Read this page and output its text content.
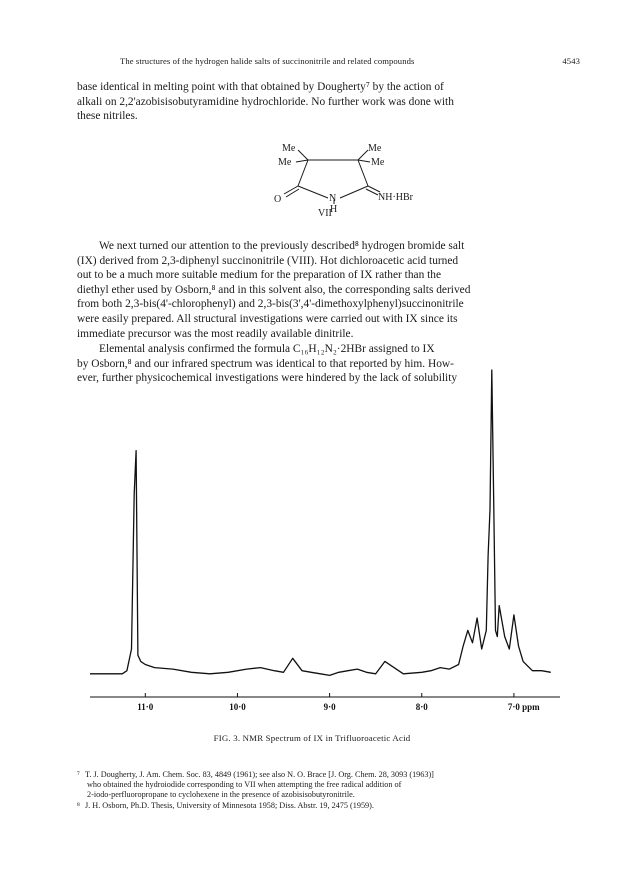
The structures of the hydrogen halide salts of succinonitrile and related compounds	4543
base identical in melting point with that obtained by Dougherty⁷ by the action of
alkali on 2,2'azobisisobutyramidine hydrochloride. No further work was done with
these nitriles.
Me
Me
Me
Me
O	N
H
NH·HBr
VII
We next turned our attention to the previously described⁸ hydrogen bromide salt
(IX) derived from 2,3-diphenyl succinonitrile (VIII). Hot dichloroacetic acid turned
out to be a much more suitable medium for the preparation of IX rather than the
diethyl ether used by Osborn,⁸ and in this solvent also, the corresponding salts derived
from both 2,3-bis(4'-chlorophenyl) and 2,3-bis(3',4'-dimethoxylphenyl)succinonitrile
were easily prepared. All structural investigations were carried out with IX since its
immediate precursor was the most readily available dinitrile.
Elemental analysis confirmed the formula C₁₆H₁₂N₂·2HBr assigned to IX
by Osborn,⁸ and our infrared spectrum was identical to that reported by him. How-
ever, further physicochemical investigations were hindered by the lack of solubility
11·0	10·0	9·0	8·0	7·0 ppm
FIG. 3. NMR Spectrum of IX in Trifluoroacetic Acid
⁷ T. J. Dougherty, J. Am. Chem. Soc. 83, 4849 (1961); see also N. O. Brace [J. Org. Chem. 28, 3093 (1963)]
who obtained the hydroiodide corresponding to VII when attempting the free radical addition of
2-iodo-perfluoropropane to cyclohexene in the presence of azobisisobutyronitrile.
⁸ J. H. Osborn, Ph.D. Thesis, University of Minnesota 1958; Diss. Abstr. 19, 2475 (1959).
